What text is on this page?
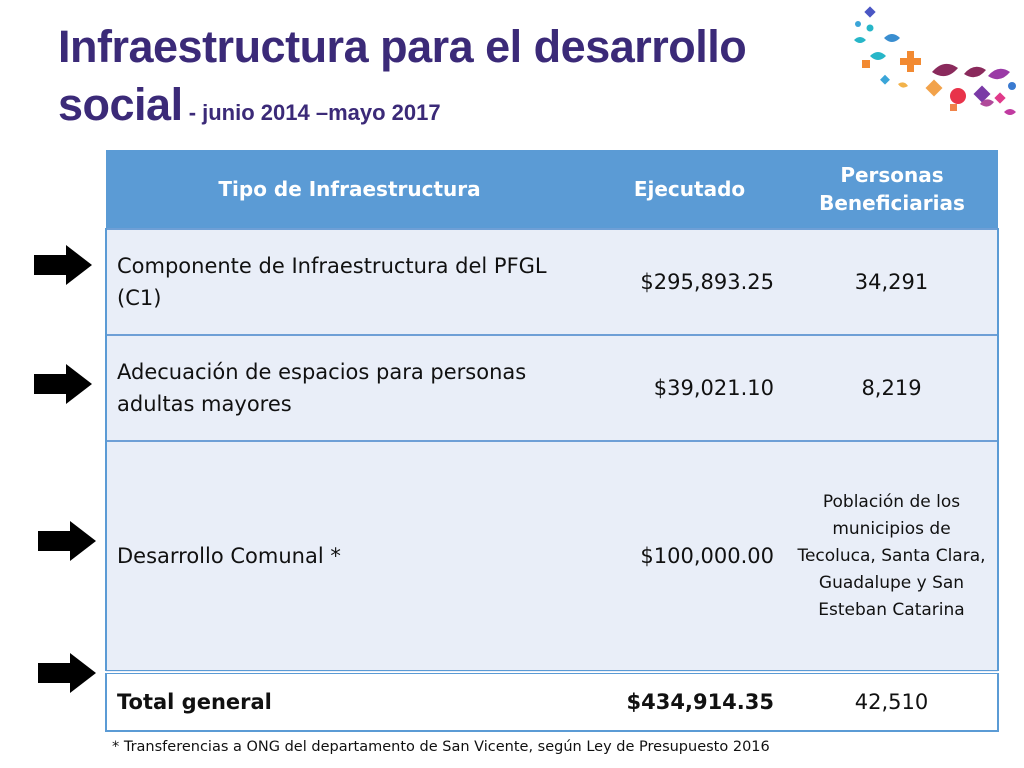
Infraestructura para el desarrollo
social - junio 2014 –mayo 2017
Tipo de Infraestructura	Ejecutado	Personas Beneficiarias
Componente de Infraestructura del PFGL (C1)	$295,893.25	34,291
Adecuación de espacios para personas adultas mayores	$39,021.10	8,219
Desarrollo Comunal *	$100,000.00	Población de los municipios de Tecoluca, Santa Clara, Guadalupe y San Esteban Catarina
Total general	$434,914.35	42,510
* Transferencias a ONG del departamento de San Vicente, según Ley de Presupuesto 2016
